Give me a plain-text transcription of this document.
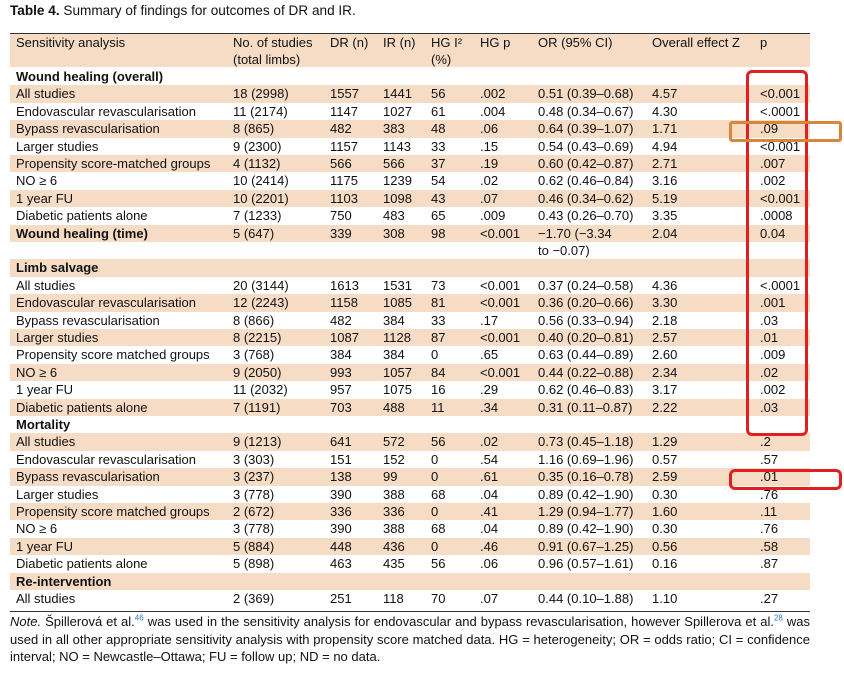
Table 4. Summary of findings for outcomes of DR and IR.
Sensitivity analysis	No. of studies
(total limbs)
DR (n) IR (n) HG I²
(%)
HG p OR (95% CI)	Overall effect Z p
Wound healing (overall)
All studies	18 (2998)	1557 1441 56	.002	0.51 (0.39–0.68) 4.57	<0.001
Endovascular revascularisation	11 (2174)	1147 1027 61	.004	0.48 (0.34–0.67) 4.30	<.0001
Bypass revascularisation	8 (865)	482 383 48	.06	0.64 (0.39–1.07) 1.71	.09
Larger studies	9 (2300)	1157 1143 33	.15	0.54 (0.43–0.69) 4.94	<0.001
Propensity score-matched groups 4 (1132)	566 566 37	.19	0.60 (0.42–0.87) 2.71	.007
NO ≥ 6	10 (2414)	1175 1239 54	.02	0.62 (0.46–0.84) 3.16	.002
1 year FU	10 (2201)	1103 1098 43	.07	0.46 (0.34–0.62) 5.19	<0.001
Diabetic patients alone	7 (1233)	750 483 65	.009	0.43 (0.26–0.70) 3.35	.0008
Wound healing (time)	5 (647)	339 308 98	<0.001 −1.70 (−3.34	2.04	0.04
to −0.07)
Limb salvage
All studies	20 (3144)	1613 1531 73	<0.001 0.37 (0.24–0.58) 4.36	<.0001
Endovascular revascularisation	12 (2243)	1158 1085 81	<0.001 0.36 (0.20–0.66) 3.30	.001
Bypass revascularisation	8 (866)	482 384 33	.17	0.56 (0.33–0.94) 2.18	.03
Larger studies	8 (2215)	1087 1128 87	<0.001 0.40 (0.20–0.81) 2.57	.01
Propensity score matched groups 3 (768)	384 384 0	.65	0.63 (0.44–0.89) 2.60	.009
NO ≥ 6	9 (2050)	993 1057 84	<0.001 0.44 (0.22–0.88) 2.34	.02
1 year FU	11 (2032)	957 1075 16	.29	0.62 (0.46–0.83) 3.17	.002
Diabetic patients alone	7 (1191)	703 488 11	.34	0.31 (0.11–0.87) 2.22	.03
Mortality
All studies	9 (1213)	641 572 56	.02	0.73 (0.45–1.18) 1.29	.2
Endovascular revascularisation	3 (303)	151 152 0	.54	1.16 (0.69–1.96) 0.57	.57
Bypass revascularisation	3 (237)	138 99	0	.61	0.35 (0.16–0.78) 2.59	.01
Larger studies	3 (778)	390 388 68	.04	0.89 (0.42–1.90) 0.30	.76
Propensity score matched groups 2 (672)	336 336 0	.41	1.29 (0.94–1.77) 1.60	.11
NO ≥ 6	3 (778)	390 388 68	.04	0.89 (0.42–1.90) 0.30	.76
1 year FU	5 (884)	448 436 0	.46	0.91 (0.67–1.25) 0.56	.58
Diabetic patients alone	5 (898)	463 435 56	.06	0.96 (0.57–1.61) 0.16	.87
Re-intervention
All studies	2 (369)	251 118 70	.07	0.44 (0.10–1.88) 1.10	.27
Note. Špillerová et al.$^{46}$ was used in the sensitivity analysis for endovascular and bypass revascularisation, however Spillerova et al.$^{28}$ was used in all other appropriate sensitivity analysis with propensity score matched data. HG = heterogeneity; OR = odds ratio; CI = confidence interval; NO = Newcastle–Ottawa; FU = follow up; ND = no data.
